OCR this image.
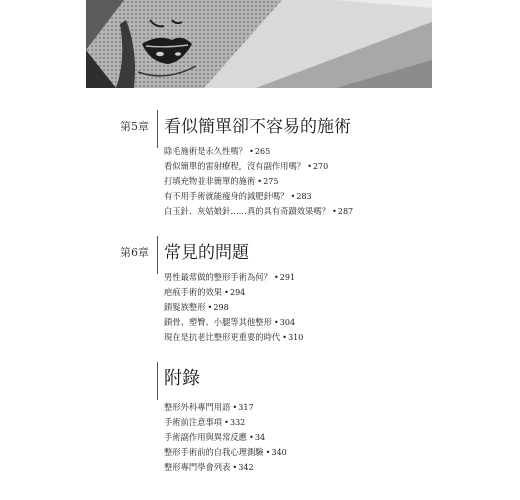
第5章 看似簡單卻不容易的施術
除毛施術是永久性嗎？ •265
看似簡單的雷射療程，沒有副作用嗎？ •270
打填充物並非簡單的施術 •275
有不用手術就能瘦身的減肥針嗎？ •283
白玉針、灰姑娘針……真的具有奇蹟效果嗎？ •287
第6章 常見的問題
男性最常做的整形手術為何？ •291
疤痕手術的效果 •294
鎖髮族整形 •298
鎖骨、塑臀、小腿等其他整形 •304
現在是抗老比整形更重要的時代 •310
附錄
整形外科專門用語 •317
手術前注意事項 •332
手術副作用與異常反應 •34
整形手術前的自我心理測驗 •340
整形專門學會列表 •342
